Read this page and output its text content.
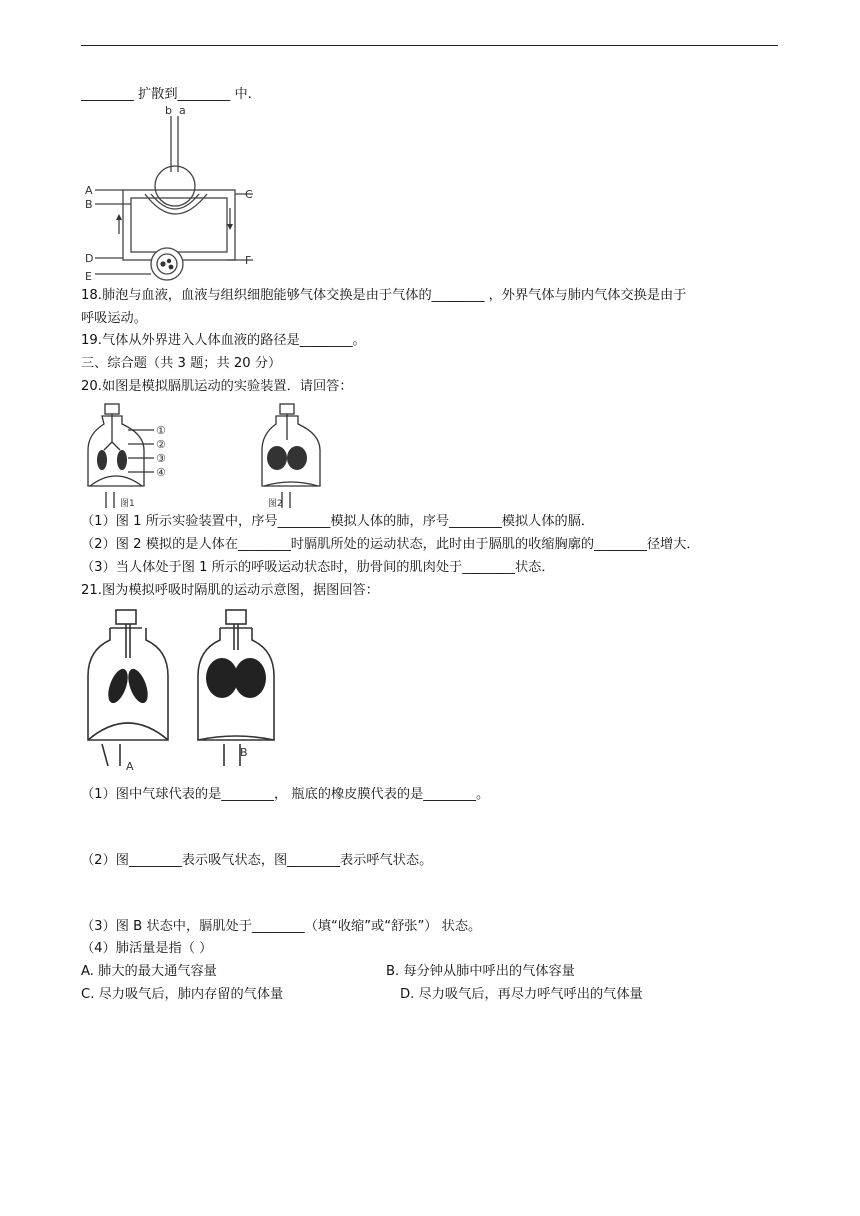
________ 扩散到________ 中.
b a
A
B
C
D
E
F
18.肺泡与血液，血液与组织细胞能够气体交换是由于气体的________ ，外界气体与肺内气体交换是由于
呼吸运动。
19.气体从外界进入人体血液的路径是________。
三、综合题（共 3 题；共 20 分）
20.如图是模拟膈肌运动的实验装置．请回答：
①
②
③
④
图1	图2
（1）图 1 所示实验装置中，序号________模拟人体的肺，序号________模拟人体的膈．
（2）图 2 模拟的是人体在________时膈肌所处的运动状态，此时由于膈肌的收缩胸廓的________径增大．
（3）当人体处于图 1 所示的呼吸运动状态时，肋骨间的肌肉处于________状态．
21.图为模拟呼吸时隔肌的运动示意图，据图回答：
A
B
（1）图中气球代表的是________， 瓶底的橡皮膜代表的是________。
（2）图________表示吸气状态，图________表示呼气状态。
（3）图 B 状态中，膈肌处于________（填“收缩”或“舒张”） 状态。
（4）肺活量是指（ ）
A. 肺大的最大通气容量	B. 每分钟从肺中呼出的气体容量
C. 尽力吸气后，肺内存留的气体量	D. 尽力吸气后，再尽力呼气呼出的气体量
